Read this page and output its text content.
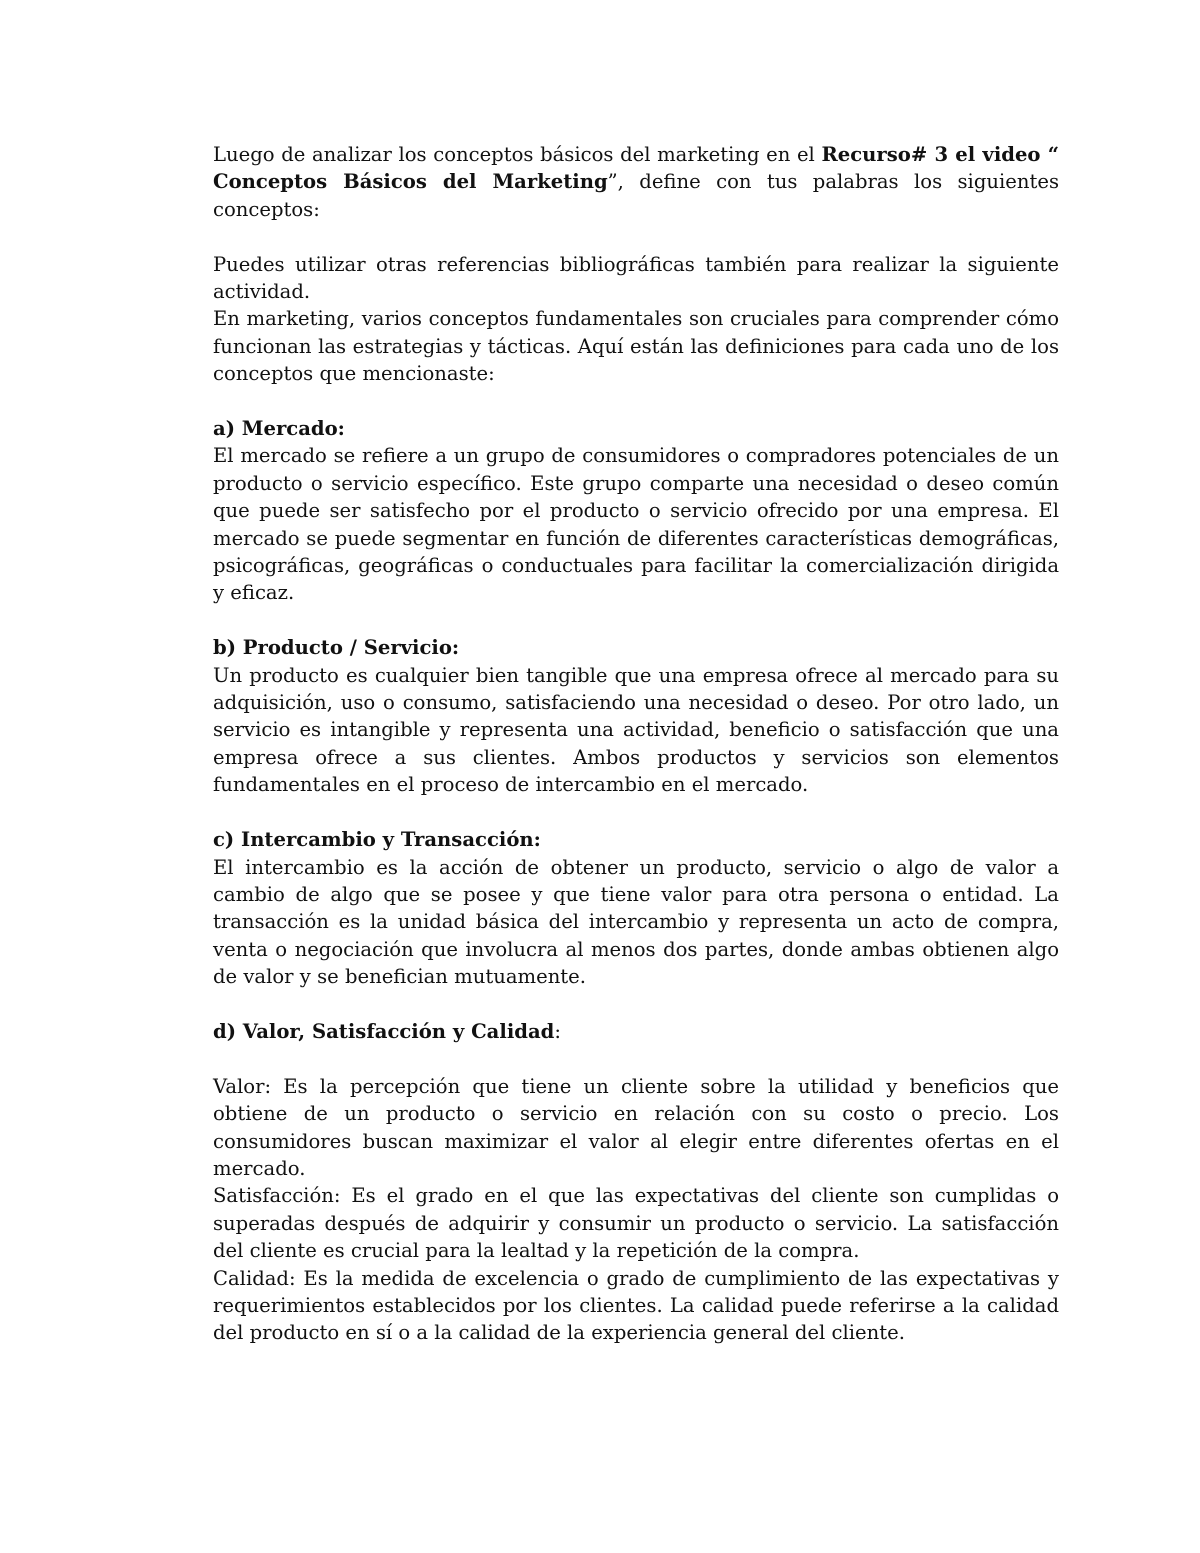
Luego de analizar los conceptos básicos del marketing en el Recurso# 3 el video “ Conceptos Básicos del Marketing”, define con tus palabras los siguientes conceptos:

Puedes utilizar otras referencias bibliográficas también para realizar la siguiente actividad.

En marketing, varios conceptos fundamentales son cruciales para comprender cómo funcionan las estrategias y tácticas. Aquí están las definiciones para cada uno de los conceptos que mencionaste:

a) Mercado:

El mercado se refiere a un grupo de consumidores o compradores potenciales de un producto o servicio específico. Este grupo comparte una necesidad o deseo común que puede ser satisfecho por el producto o servicio ofrecido por una empresa. El mercado se puede segmentar en función de diferentes características demográficas, psicográficas, geográficas o conductuales para facilitar la comercialización dirigida y eficaz.

b) Producto / Servicio:

Un producto es cualquier bien tangible que una empresa ofrece al mercado para su adquisición, uso o consumo, satisfaciendo una necesidad o deseo. Por otro lado, un servicio es intangible y representa una actividad, beneficio o satisfacción que una empresa ofrece a sus clientes. Ambos productos y servicios son elementos fundamentales en el proceso de intercambio en el mercado.

c) Intercambio y Transacción:

El intercambio es la acción de obtener un producto, servicio o algo de valor a cambio de algo que se posee y que tiene valor para otra persona o entidad. La transacción es la unidad básica del intercambio y representa un acto de compra, venta o negociación que involucra al menos dos partes, donde ambas obtienen algo de valor y se benefician mutuamente.

d) Valor, Satisfacción y Calidad:

Valor: Es la percepción que tiene un cliente sobre la utilidad y beneficios que obtiene de un producto o servicio en relación con su costo o precio. Los consumidores buscan maximizar el valor al elegir entre diferentes ofertas en el mercado.

Satisfacción: Es el grado en el que las expectativas del cliente son cumplidas o superadas después de adquirir y consumir un producto o servicio. La satisfacción del cliente es crucial para la lealtad y la repetición de la compra.

Calidad: Es la medida de excelencia o grado de cumplimiento de las expectativas y requerimientos establecidos por los clientes. La calidad puede referirse a la calidad del producto en sí o a la calidad de la experiencia general del cliente.
